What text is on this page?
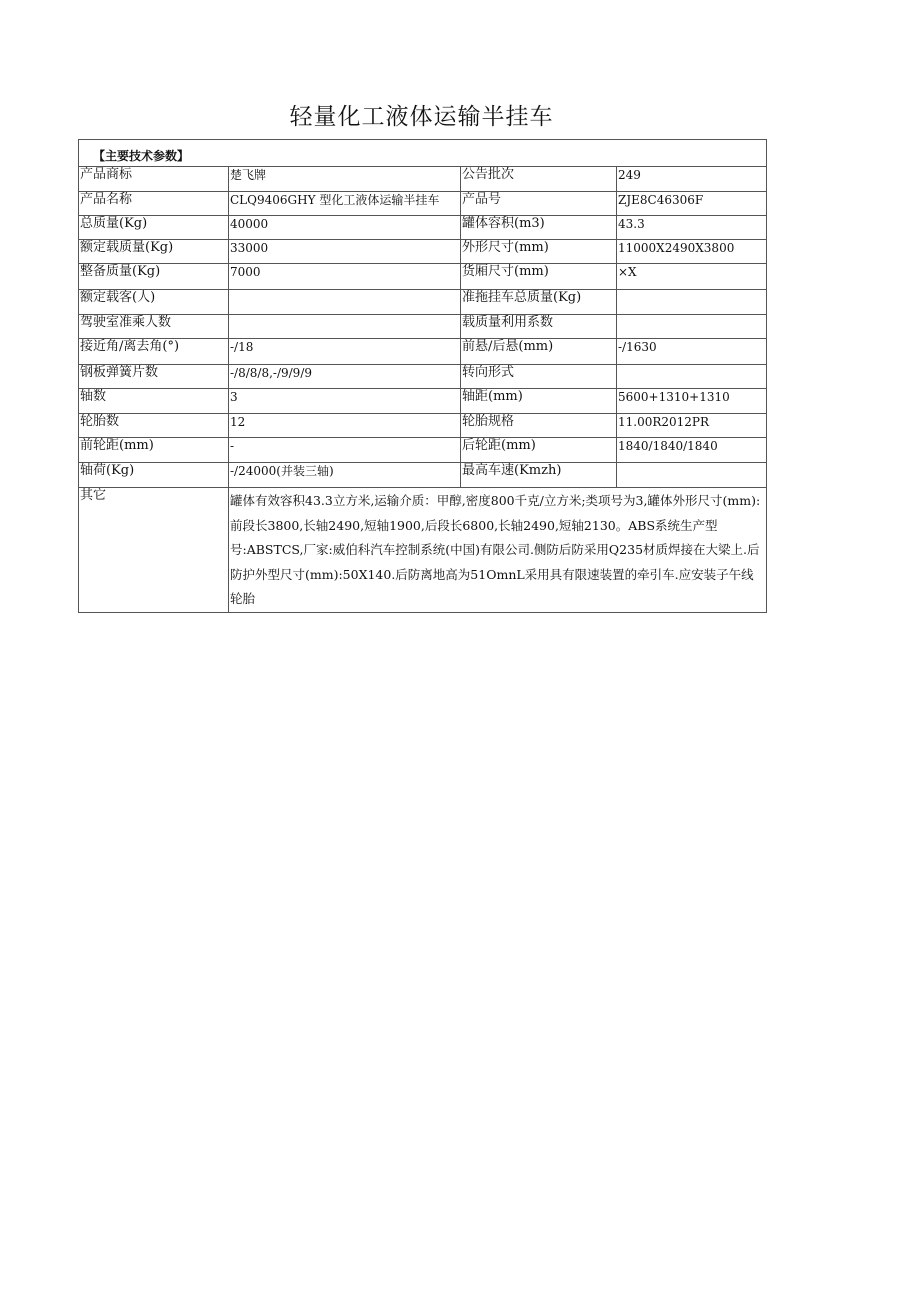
轻量化工液体运输半挂车
【主要技术参数】			
产品商标	楚飞牌	公告批次	249
产品名称	CLQ9406GHY 型化工液体运输半挂车	产品号	ZJE8C46306F
总质量(Kg)	40000	罐体容积(m3)	43.3
额定载质量(Kg)	33000	外形尺寸(mm)	11000X2490X3800
整备质量(Kg)	7000	货厢尺寸(mm)	×X
额定载客(人)		准拖挂车总质量(Kg)	
驾驶室准乘人数		载质量利用系数	
接近角/离去角(°)	-/18	前悬/后悬(mm)	-/1630
钢板弹簧片数	-/8/8/8,-/9/9/9	转向形式	
轴数	3	轴距(mm)	5600+1310+1310
轮胎数	12	轮胎规格	11.00R2012PR
前轮距(mm)	-	后轮距(mm)	1840/1840/1840
轴荷(Kg)	-/24000(并装三轴)	最高车速(Kmzh)	
其它	罐体有效容积43.3立方米,运输介质：甲醇,密度800千克/立方米;类项号为3,罐体外形尺寸(mm):前段长3800,长轴2490,短轴1900,后段长6800,长轴2490,短轴2130。ABS系统生产型号:ABSTCS,厂家:威伯科汽车控制系统(中国)有限公司.侧防后防采用Q235材质焊接在大梁上.后防护外型尺寸(mm):50X140.后防离地高为51OmnL采用具有限速装置的牵引车.应安装子午线轮胎		
